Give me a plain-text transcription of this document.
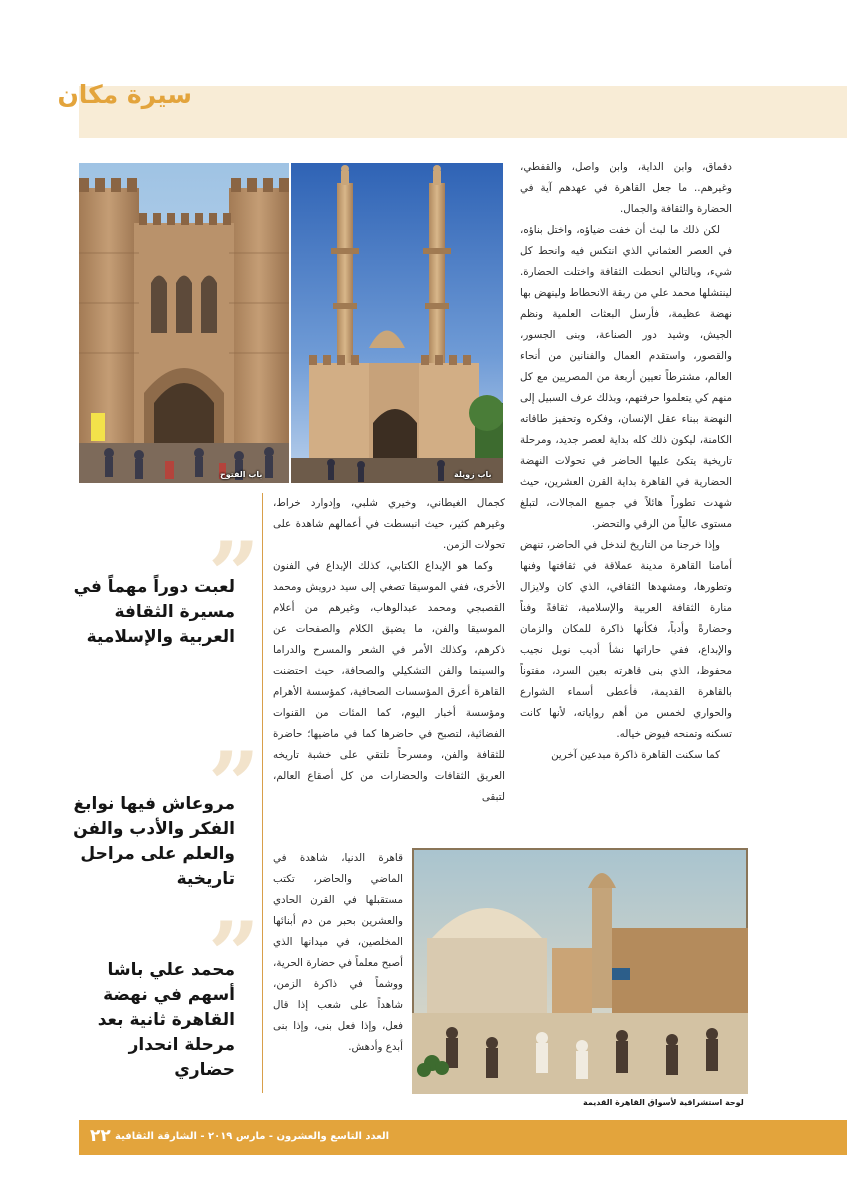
سيرة مكان
باب الفتوح	باب زويلة

دقماق، وابن الداية، وابن واصل، والقفطي، وغيرهم.. ما جعل القاهرة في عهدهم آية في الحضارة والثقافة والجمال.

لكن ذلك ما لبث أن خفت ضياؤه، واختل بناؤه، في العصر العثماني الذي انتكس فيه وانحط كل شيء، وبالتالي انحطت الثقافة واختلت الحضارة. لينتشلها محمد علي من ربقة الانحطاط ولينهض بها نهضة عظيمة، فأرسل البعثات العلمية ونظم الجيش، وشيد دور الصناعة، وبنى الجسور، والقصور، واستقدم العمال والفنانين من أنحاء العالم، مشترطاً تعيين أربعة من المصريين مع كل منهم كي يتعلموا حرفتهم، وبذلك عرف السبيل إلى النهضة ببناء عقل الإنسان، وفكره وتحفيز طاقاته الكامنة، ليكون ذلك كله بداية لعصر جديد، ومرحلة تاريخية يتكئ عليها الحاضر في تحولات النهضة الحضارية في القاهرة بداية القرن العشرين، حيث شهدت تطوراً هائلاً في جميع المجالات، لتبلغ مستوى عالياً من الرقي والتحضر.

وإذا خرجنا من التاريخ لندخل في الحاضر، تنهض أمامنا القاهرة مدينة عملاقة في ثقافتها وفنها وتطورها، ومشهدها الثقافي، الذي كان ولايزال منارة الثقافة العربية والإسلامية، ثقافةً وفناً وحضارةً وأدباً، فكأنها ذاكرة للمكان والزمان والإبداع، ففي حاراتها نشأ أديب نوبل نجيب محفوظ، الذي بنى قاهرته بعين السرد، مفتوناً بالقاهرة القديمة، فأعطى أسماء الشوارع والحواري لخمس من أهم رواياته، لأنها كانت تسكنه وتمنحه فيوض خياله.

كما سكنت القاهرة ذاكرة مبدعين آخرين

كجمال الغيطاني، وخيري شلبي، وإدوارد خراط، وغيرهم كثير، حيث انبسطت في أعمالهم شاهدة على تحولات الزمن.

وكما هو الإبداع الكتابي، كذلك الإبداع في الفنون الأخرى، ففي الموسيقا تصغي إلى سيد درويش ومحمد القصبجي ومحمد عبدالوهاب، وغيرهم من أعلام الموسيقا والفن، ما يضيق الكلام والصفحات عن ذكرهم، وكذلك الأمر في الشعر والمسرح والدراما والسينما والفن التشكيلي والصحافة، حيث احتضنت القاهرة أعرق المؤسسات الصحافية، كمؤسسة الأهرام ومؤسسة أخبار اليوم، كما المئات من القنوات الفضائية، لتصبح في حاضرها كما في ماضيها؛ حاضرة للثقافة والفن، ومسرحاً تلتقي على خشبة تاريخه العريق الثقافات والحضارات من كل أصقاع العالم، لتبقى

قاهرة الدنيا، شاهدة في الماضي والحاضر، تكتب مستقبلها في القرن الحادي والعشرين بحبر من دم أبنائها المخلصين، في ميدانها الذي أصبح معلماً في حضارة الحرية، ووشماً في ذاكرة الزمن، شاهداً على شعب إذا قال فعل، وإذا فعل بنى، وإذا بنى أبدع وأدهش.

”
لعبت دوراً مهماً في مسيرة الثقافة العربية والإسلامية
”
مروعاش فيها نوابغ الفكر والأدب والفن والعلم على مراحل تاريخية
”
محمد علي باشا أسهم في نهضة القاهرة ثانية بعد مرحلة انحدار حضاري
لوحة استشراقية لأسواق القاهرة القديمة
العدد التاسع والعشرون - مارس ٢٠١٩ - الشارقة الثقافية
٢٢
